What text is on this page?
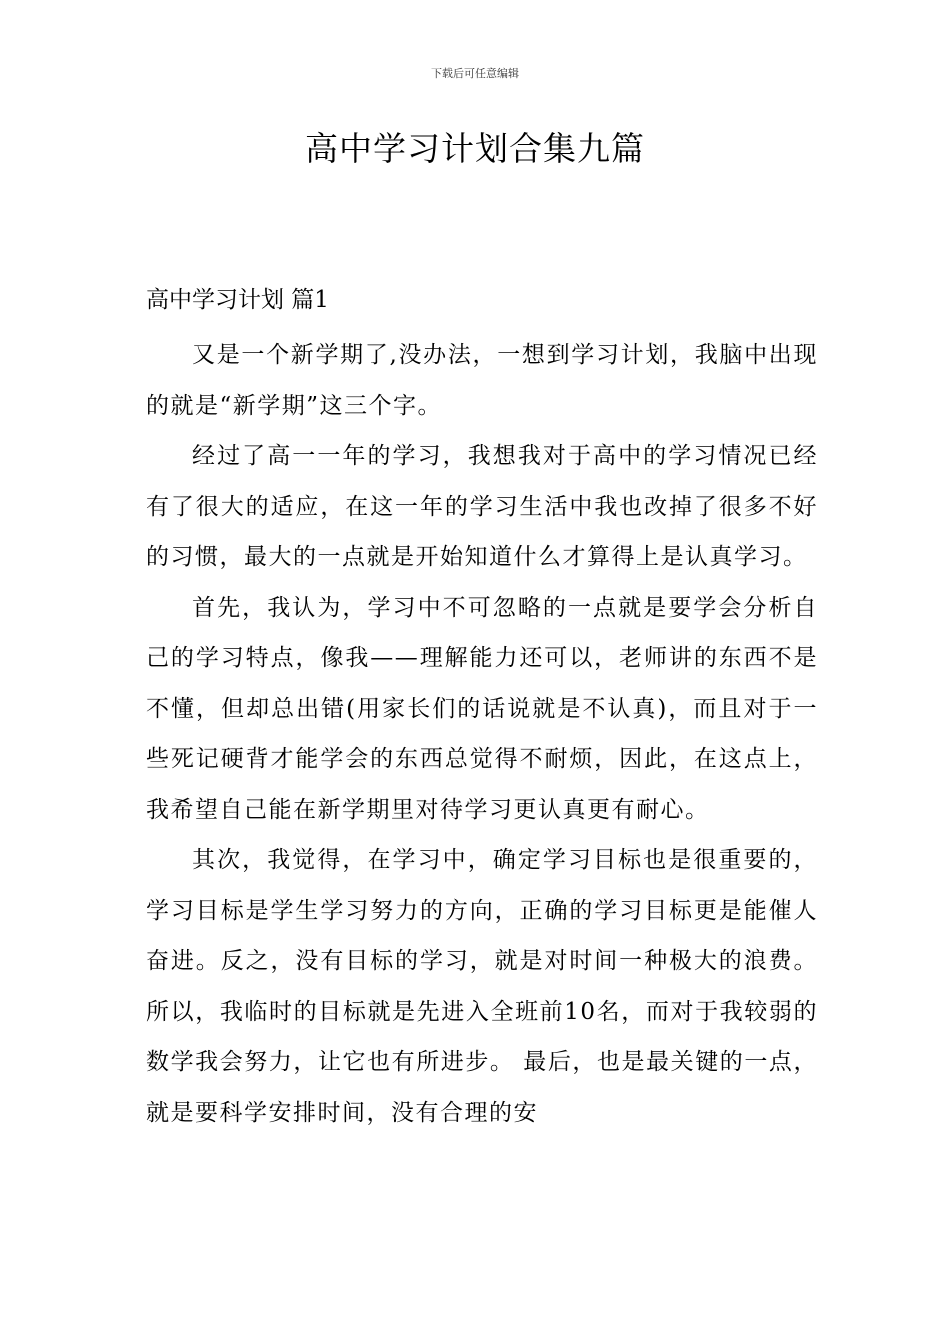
下载后可任意编辑
高中学习计划合集九篇
高中学习计划 篇1

又是一个新学期了,没办法，一想到学习计划，我脑中出现的就是“新学期”这三个字。

经过了高一一年的学习，我想我对于高中的学习情况已经有了很大的适应，在这一年的学习生活中我也改掉了很多不好的习惯，最大的一点就是开始知道什么才算得上是认真学习。

首先，我认为，学习中不可忽略的一点就是要学会分析自己的学习特点，像我——理解能力还可以，老师讲的东西不是不懂，但却总出错(用家长们的话说就是不认真)，而且对于一些死记硬背才能学会的东西总觉得不耐烦，因此，在这点上，我希望自己能在新学期里对待学习更认真更有耐心。

其次，我觉得，在学习中，确定学习目标也是很重要的，学习目标是学生学习努力的方向，正确的学习目标更是能催人奋进。反之，没有目标的学习，就是对时间一种极大的浪费。所以，我临时的目标就是先进入全班前10名，而对于我较弱的数学我会努力，让它也有所进步。 最后，也是最关键的一点，就是要科学安排时间，没有合理的安
